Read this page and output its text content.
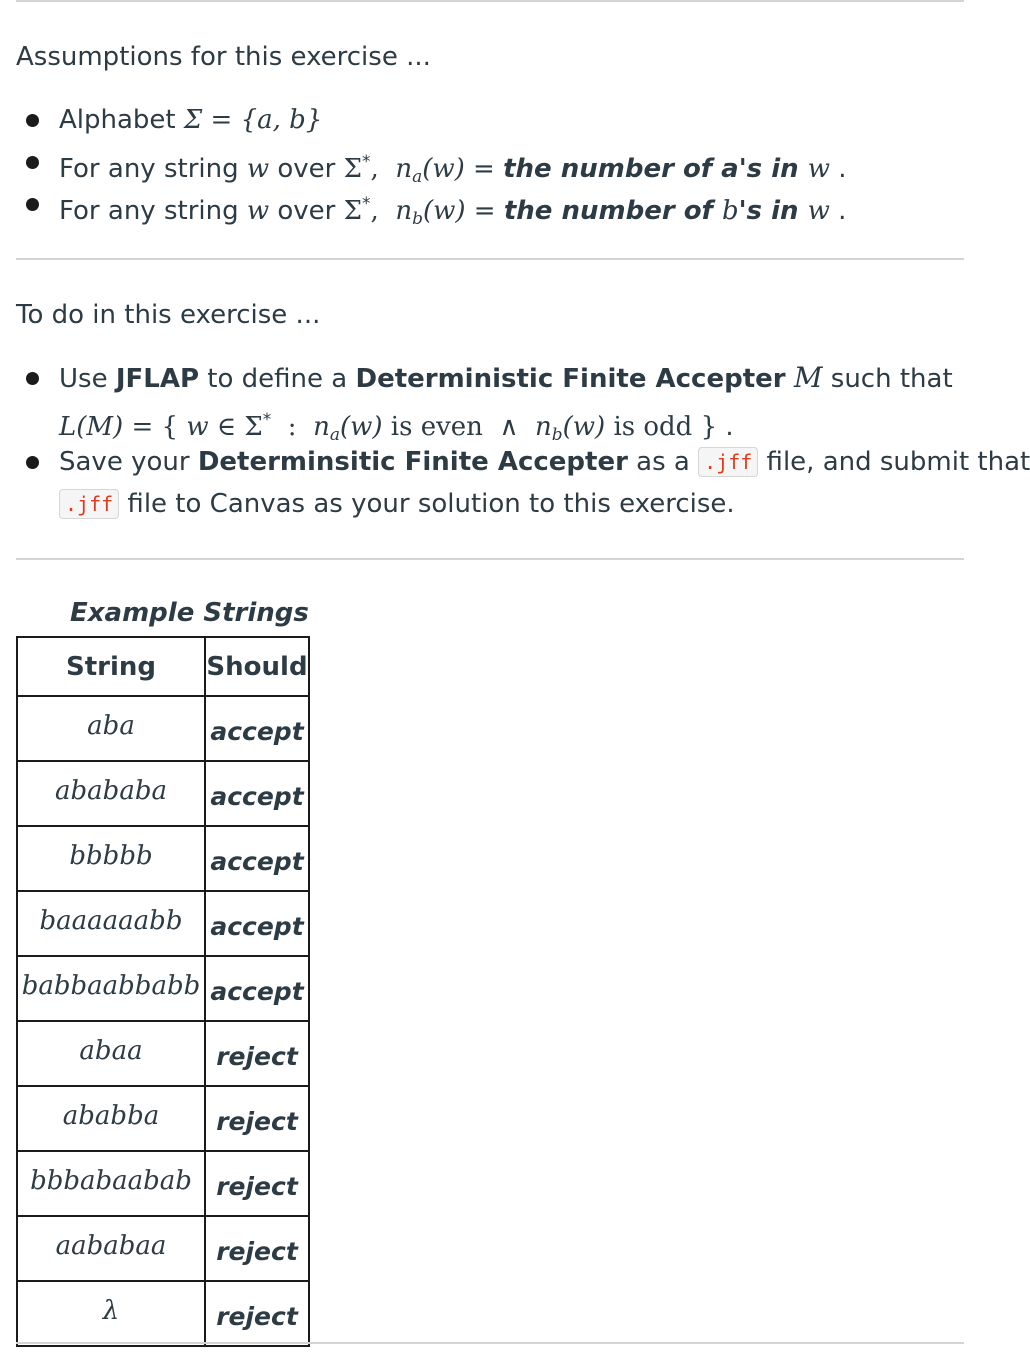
Assumptions for this exercise ...
Alphabet Σ = {a, b}
For any string w over Σ*, $n_a(w)$ = the number of a's in w .
For any string w over Σ*, $n_b(w)$ = the number of b's in w .
To do in this exercise ...
Use JFLAP to define a Deterministic Finite Accepter M such that
L(M) = { w ∈ Σ*  :  $n_a(w)$ is even  ∧  $n_b(w)$ is odd } .
Save your Determinsitic Finite Accepter as a .jff file, and submit that
.jff file to Canvas as your solution to this exercise.
Example Strings
String	Should
aba	accept
abababa	accept
bbbbb	accept
baaaaaabb	accept
babbaabbabb	accept
abaa	reject
ababba	reject
bbbabaabab	reject
aababaa	reject
λ	reject
